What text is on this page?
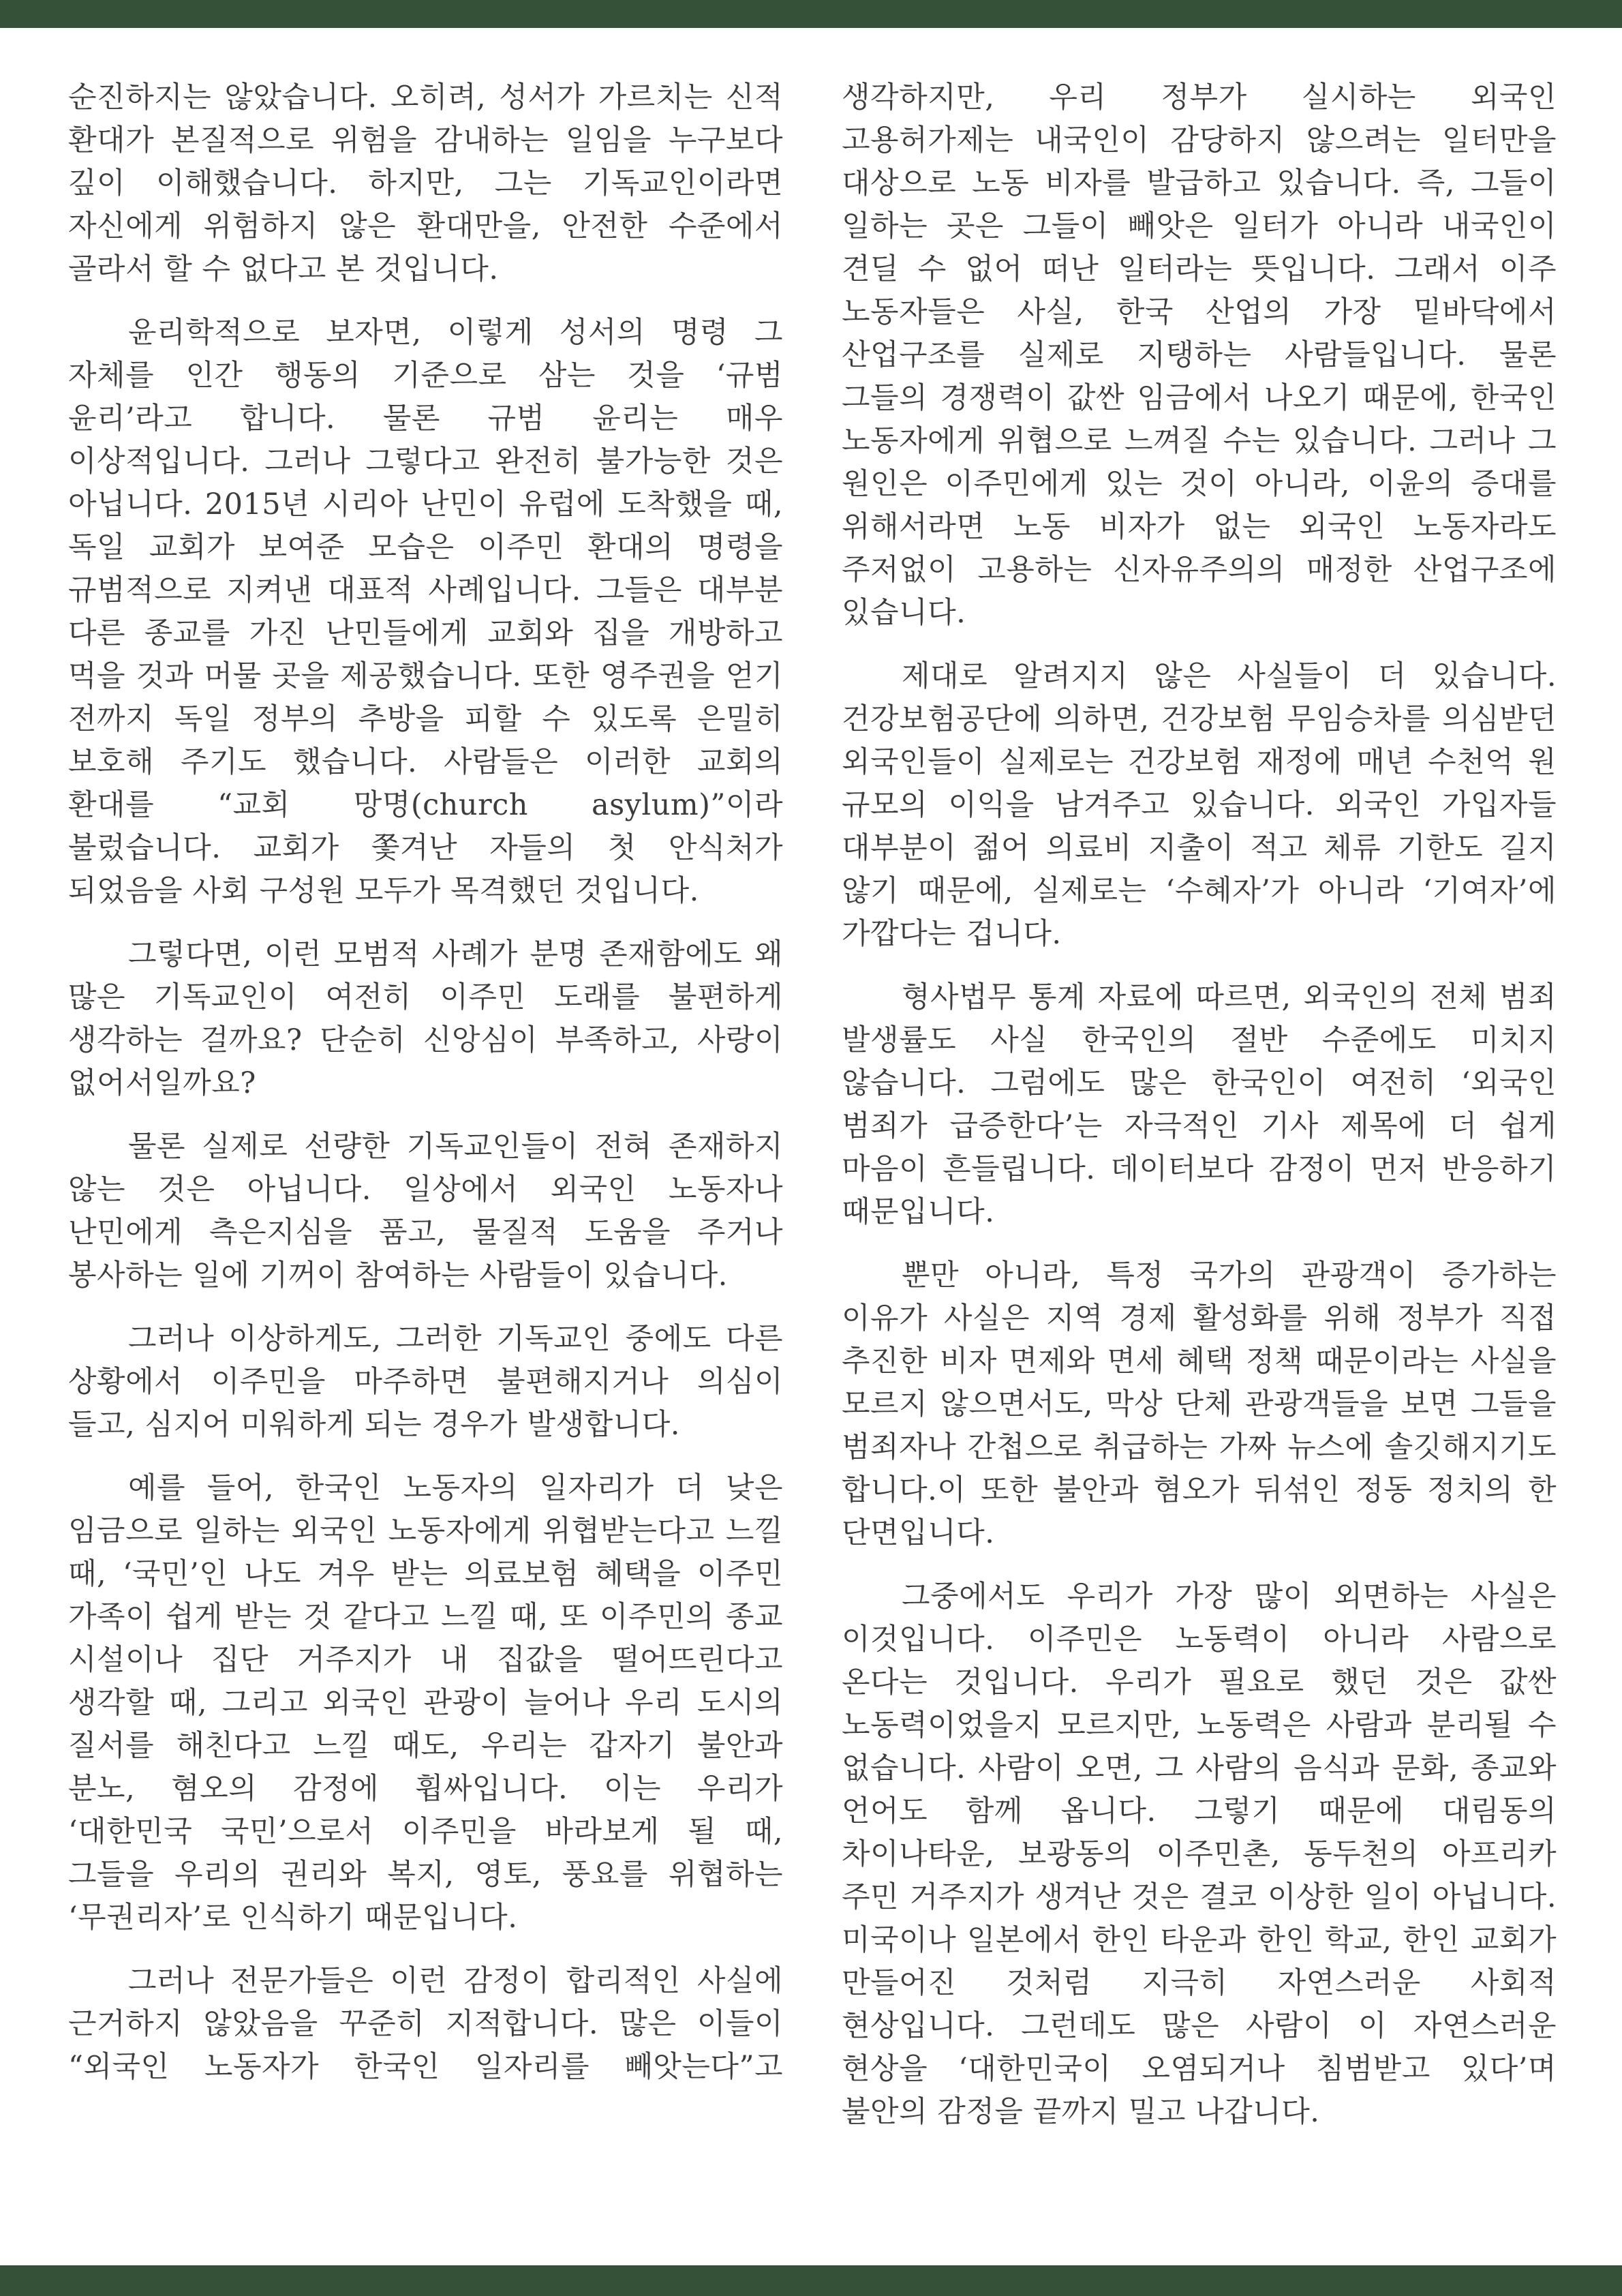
순진하지는 않았습니다. 오히려, 성서가 가르치는 신적 환대가 본질적으로 위험을 감내하는 일임을 누구보다 깊이 이해했습니다. 하지만, 그는 기독교인이라면 자신에게 위험하지 않은 환대만을, 안전한 수준에서 골라서 할 수 없다고 본 것입니다.

윤리학적으로 보자면, 이렇게 성서의 명령 그 자체를 인간 행동의 기준으로 삼는 것을 ‘규범 윤리’라고 합니다. 물론 규범 윤리는 매우 이상적입니다. 그러나 그렇다고 완전히 불가능한 것은 아닙니다. 2015년 시리아 난민이 유럽에 도착했을 때, 독일 교회가 보여준 모습은 이주민 환대의 명령을 규범적으로 지켜낸 대표적 사례입니다. 그들은 대부분 다른 종교를 가진 난민들에게 교회와 집을 개방하고 먹을 것과 머물 곳을 제공했습니다. 또한 영주권을 얻기 전까지 독일 정부의 추방을 피할 수 있도록 은밀히 보호해 주기도 했습니다. 사람들은 이러한 교회의 환대를 “교회 망명(church asylum)”이라 불렀습니다. 교회가 쫓겨난 자들의 첫 안식처가 되었음을 사회 구성원 모두가 목격했던 것입니다.

그렇다면, 이런 모범적 사례가 분명 존재함에도 왜 많은 기독교인이 여전히 이주민 도래를 불편하게 생각하는 걸까요? 단순히 신앙심이 부족하고, 사랑이 없어서일까요?

물론 실제로 선량한 기독교인들이 전혀 존재하지 않는 것은 아닙니다. 일상에서 외국인 노동자나 난민에게 측은지심을 품고, 물질적 도움을 주거나 봉사하는 일에 기꺼이 참여하는 사람들이 있습니다.

그러나 이상하게도, 그러한 기독교인 중에도 다른 상황에서 이주민을 마주하면 불편해지거나 의심이 들고, 심지어 미워하게 되는 경우가 발생합니다.

예를 들어, 한국인 노동자의 일자리가 더 낮은 임금으로 일하는 외국인 노동자에게 위협받는다고 느낄 때, ‘국민’인 나도 겨우 받는 의료보험 혜택을 이주민 가족이 쉽게 받는 것 같다고 느낄 때, 또 이주민의 종교 시설이나 집단 거주지가 내 집값을 떨어뜨린다고 생각할 때, 그리고 외국인 관광이 늘어나 우리 도시의 질서를 해친다고 느낄 때도, 우리는 갑자기 불안과 분노, 혐오의 감정에 휩싸입니다. 이는 우리가 ‘대한민국 국민’으로서 이주민을 바라보게 될 때, 그들을 우리의 권리와 복지, 영토, 풍요를 위협하는 ‘무권리자’로 인식하기 때문입니다.

그러나 전문가들은 이런 감정이 합리적인 사실에 근거하지 않았음을 꾸준히 지적합니다. 많은 이들이 “외국인 노동자가 한국인 일자리를 빼앗는다”고

생각하지만, 우리 정부가 실시하는 외국인 고용허가제는 내국인이 감당하지 않으려는 일터만을 대상으로 노동 비자를 발급하고 있습니다. 즉, 그들이 일하는 곳은 그들이 빼앗은 일터가 아니라 내국인이 견딜 수 없어 떠난 일터라는 뜻입니다. 그래서 이주 노동자들은 사실, 한국 산업의 가장 밑바닥에서 산업구조를 실제로 지탱하는 사람들입니다. 물론 그들의 경쟁력이 값싼 임금에서 나오기 때문에, 한국인 노동자에게 위협으로 느껴질 수는 있습니다. 그러나 그 원인은 이주민에게 있는 것이 아니라, 이윤의 증대를 위해서라면 노동 비자가 없는 외국인 노동자라도 주저없이 고용하는 신자유주의의 매정한 산업구조에 있습니다.

제대로 알려지지 않은 사실들이 더 있습니다. 건강보험공단에 의하면, 건강보험 무임승차를 의심받던 외국인들이 실제로는 건강보험 재정에 매년 수천억 원 규모의 이익을 남겨주고 있습니다. 외국인 가입자들 대부분이 젊어 의료비 지출이 적고 체류 기한도 길지 않기 때문에, 실제로는 ‘수혜자’가 아니라 ‘기여자’에 가깝다는 겁니다.

형사법무 통계 자료에 따르면, 외국인의 전체 범죄 발생률도 사실 한국인의 절반 수준에도 미치지 않습니다. 그럼에도 많은 한국인이 여전히 ‘외국인 범죄가 급증한다’는 자극적인 기사 제목에 더 쉽게 마음이 흔들립니다. 데이터보다 감정이 먼저 반응하기 때문입니다.

뿐만 아니라, 특정 국가의 관광객이 증가하는 이유가 사실은 지역 경제 활성화를 위해 정부가 직접 추진한 비자 면제와 면세 혜택 정책 때문이라는 사실을 모르지 않으면서도, 막상 단체 관광객들을 보면 그들을 범죄자나 간첩으로 취급하는 가짜 뉴스에 솔깃해지기도 합니다.이 또한 불안과 혐오가 뒤섞인 정동 정치의 한 단면입니다.

그중에서도 우리가 가장 많이 외면하는 사실은 이것입니다. 이주민은 노동력이 아니라 사람으로 온다는 것입니다. 우리가 필요로 했던 것은 값싼 노동력이었을지 모르지만, 노동력은 사람과 분리될 수 없습니다. 사람이 오면, 그 사람의 음식과 문화, 종교와 언어도 함께 옵니다. 그렇기 때문에 대림동의 차이나타운, 보광동의 이주민촌, 동두천의 아프리카 주민 거주지가 생겨난 것은 결코 이상한 일이 아닙니다. 미국이나 일본에서 한인 타운과 한인 학교, 한인 교회가 만들어진 것처럼 지극히 자연스러운 사회적 현상입니다. 그런데도 많은 사람이 이 자연스러운 현상을 ‘대한민국이 오염되거나 침범받고 있다’며 불안의 감정을 끝까지 밀고 나갑니다.
